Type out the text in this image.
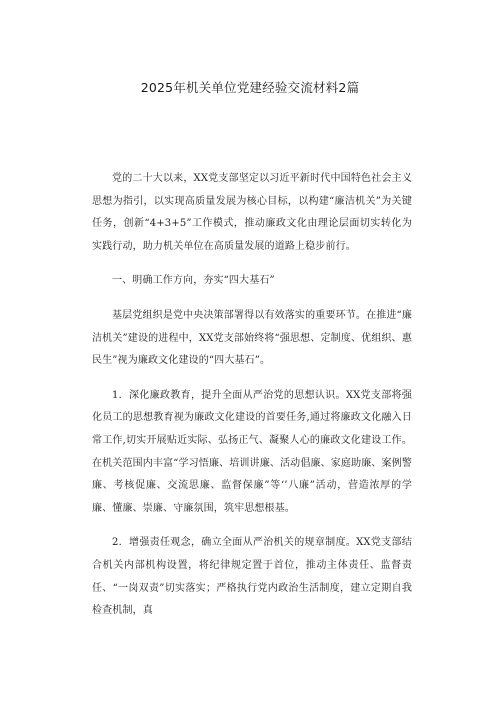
2025年机关单位党建经验交流材料2篇

党的二十大以来，XX党支部坚定以习近平新时代中国特色社会主义思想为指引，以实现高质量发展为核心目标，以构建“廉洁机关”为关键任务，创新“4+3+5”工作模式，推动廉政文化由理论层面切实转化为实践行动，助力机关单位在高质量发展的道路上稳步前行。

一、明确工作方向，夯实“四大基石”

基层党组织是党中央决策部署得以有效落实的重要环节。在推进“廉洁机关”建设的进程中，XX党支部始终将“强思想、定制度、优组织、惠民生”视为廉政文化建设的“四大基石”。

1．深化廉政教育，提升全面从严治党的思想认识。XX党支部将强化员工的思想教育视为廉政文化建设的首要任务,通过将廉政文化融入日常工作,切实开展贴近实际、弘扬正气、凝聚人心的廉政文化建设工作。在机关范围内丰富“学习悟廉、培训讲廉、活动倡廉、家庭助廉、案例警廉、考核促廉、交流思廉、监督保廉”等‘’八廉”活动，营造浓厚的学廉、懂廉、崇廉、守廉氛围，筑牢思想根基。

2．增强责任观念，确立全面从严治机关的规章制度。XX党支部结合机关内部机构设置，将纪律规定置于首位，推动主体责任、监督责任、“一岗双责”切实落实；严格执行党内政治生活制度，建立定期自我检查机制，真
